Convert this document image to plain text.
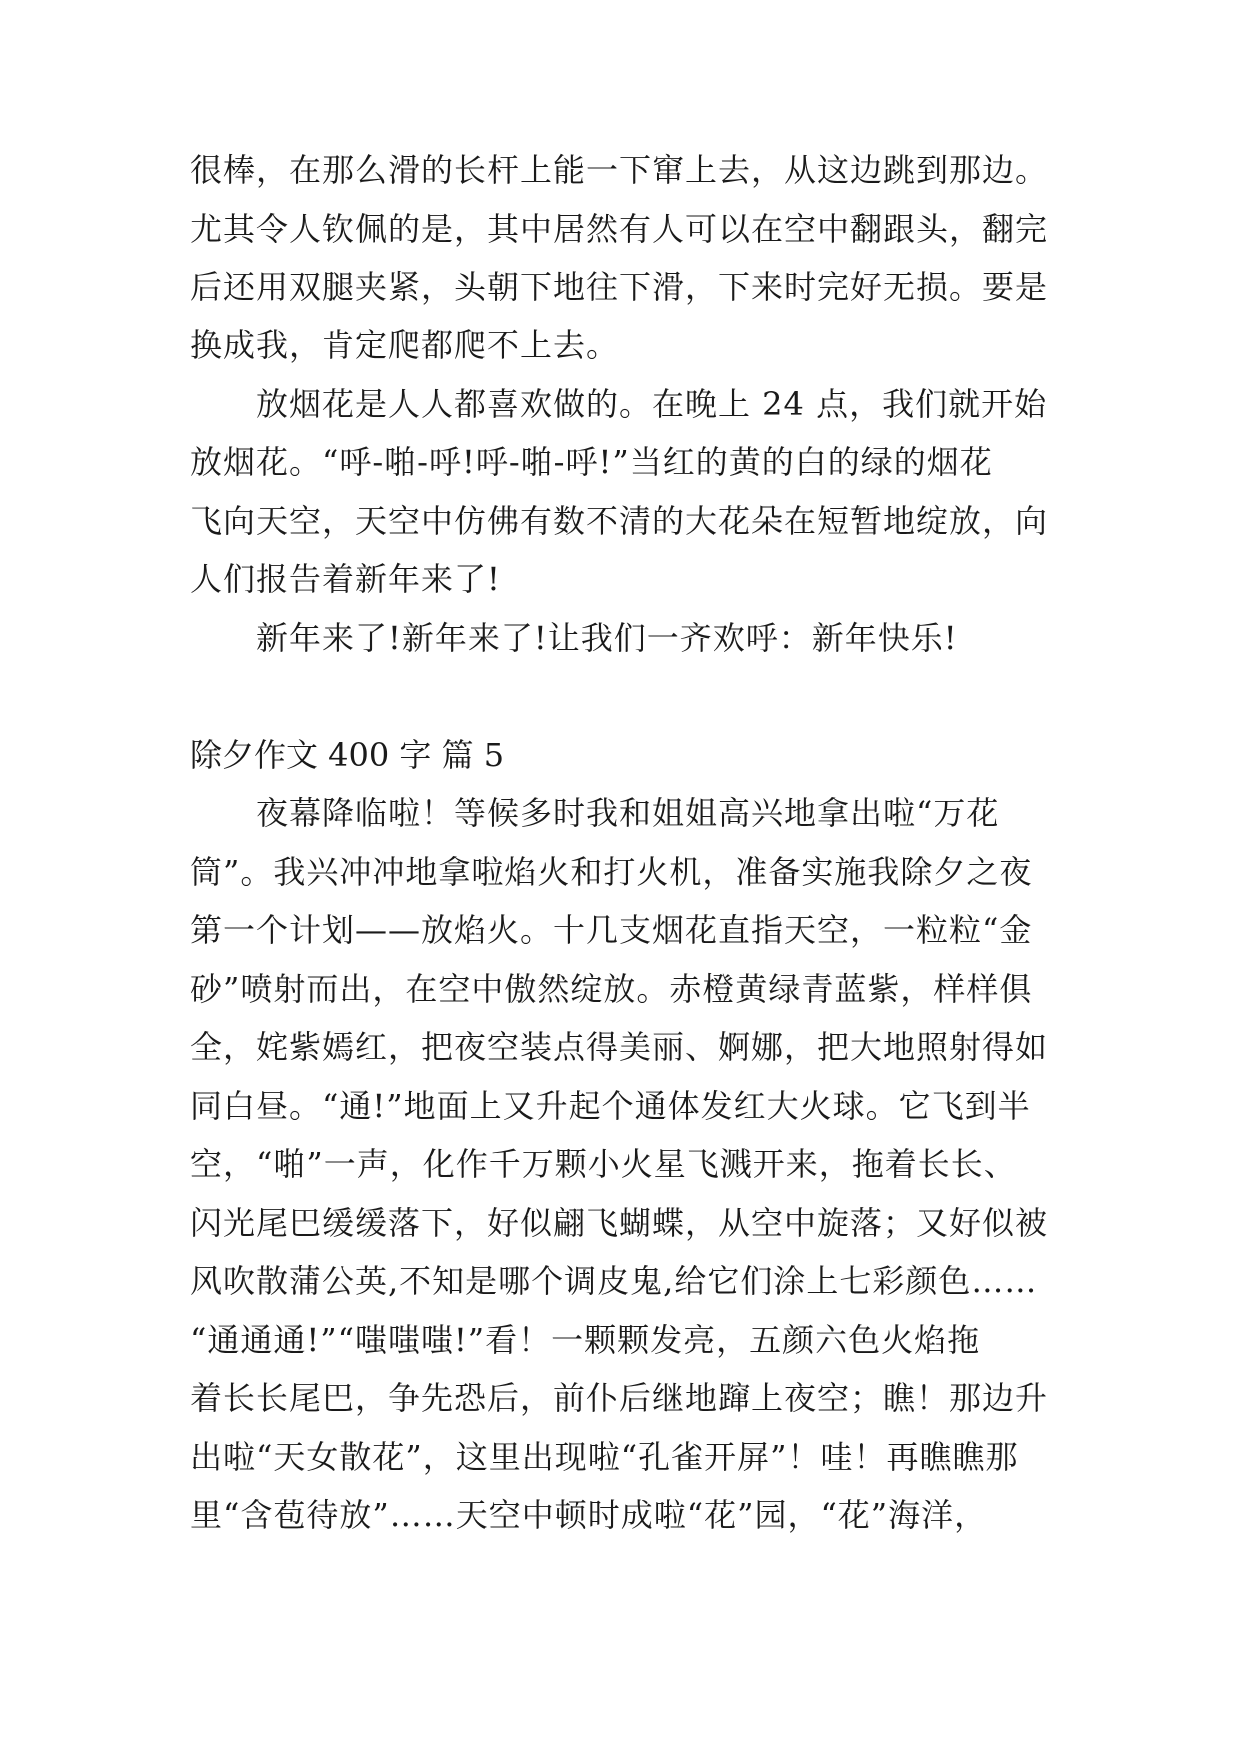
很棒，在那么滑的长杆上能一下窜上去，从这边跳到那边。

尤其令人钦佩的是，其中居然有人可以在空中翻跟头，翻完

后还用双腿夹紧，头朝下地往下滑，下来时完好无损。要是

换成我，肯定爬都爬不上去。

放烟花是人人都喜欢做的。在晚上 24 点，我们就开始

放烟花。“呼-啪-呼!呼-啪-呼!”当红的黄的白的绿的烟花

飞向天空，天空中仿佛有数不清的大花朵在短暂地绽放，向

人们报告着新年来了!

新年来了!新年来了!让我们一齐欢呼：新年快乐!

除夕作文 400 字 篇 5

夜幕降临啦！等候多时我和姐姐高兴地拿出啦“万花

筒”。我兴冲冲地拿啦焰火和打火机，准备实施我除夕之夜

第一个计划——放焰火。十几支烟花直指天空，一粒粒“金

砂”喷射而出，在空中傲然绽放。赤橙黄绿青蓝紫，样样俱

全，姹紫嫣红，把夜空装点得美丽、婀娜，把大地照射得如

同白昼。“通!”地面上又升起个通体发红大火球。它飞到半

空，“啪”一声，化作千万颗小火星飞溅开来，拖着长长、

闪光尾巴缓缓落下，好似翩飞蝴蝶，从空中旋落；又好似被

风吹散蒲公英,不知是哪个调皮鬼,给它们涂上七彩颜色……

“通通通!”“嗤嗤嗤!”看！一颗颗发亮，五颜六色火焰拖

着长长尾巴，争先恐后，前仆后继地蹿上夜空；瞧！那边升

出啦“天女散花”，这里出现啦“孔雀开屏”！哇！再瞧瞧那

里“含苞待放”……天空中顿时成啦“花”园，“花”海洋，
